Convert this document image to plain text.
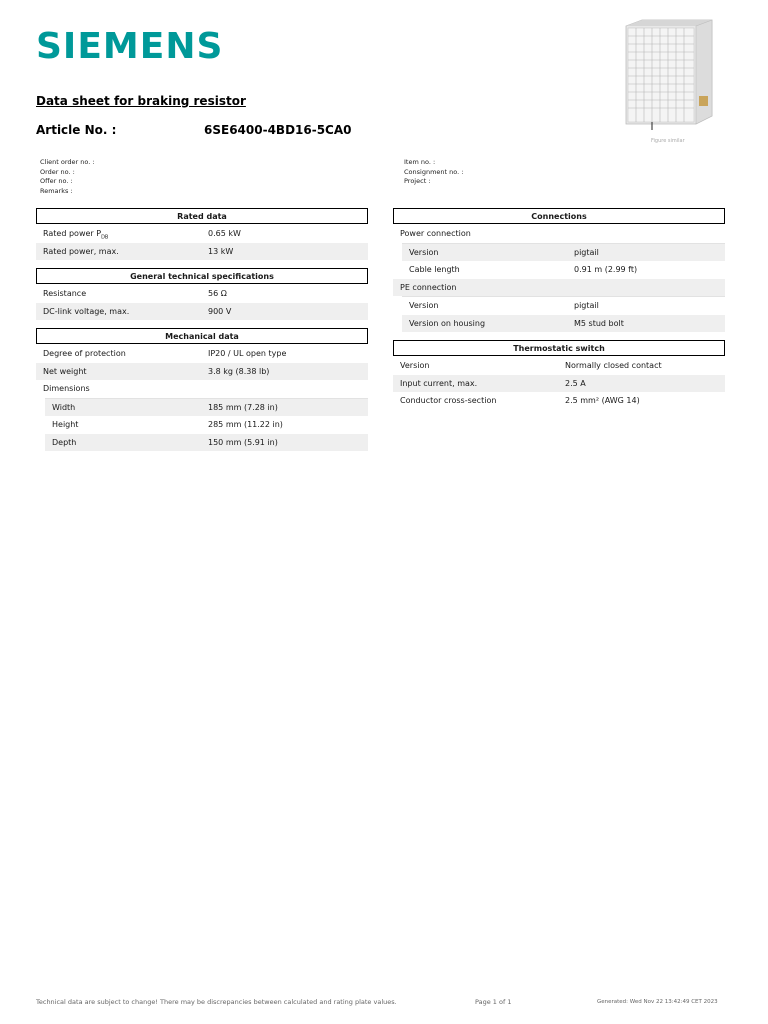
SIEMENS
Figure similar
Data sheet for braking resistor
Article No. :	6SE6400-4BD16-5CA0
Client order no. :
Order no. :
Offer no. :
Remarks :
Item no. :
Consignment no. :
Project :
Rated data
Rated power $P_{DB}$	0.65 kW
Rated power, max.	13 kW
General technical specifications
Resistance	56 Ω
DC-link voltage, max.	900 V
Mechanical data
Degree of protection	IP20 / UL open type
Net weight	3.8 kg (8.38 lb)
Dimensions
Width	185 mm (7.28 in)
Height	285 mm (11.22 in)
Depth	150 mm (5.91 in)
Connections
Power connection
Version	pigtail
Cable length	0.91 m (2.99 ft)
PE connection
Version	pigtail
Version on housing	M5 stud bolt
Thermostatic switch
Version	Normally closed contact
Input current, max.	2.5 A
Conductor cross-section	2.5 mm² (AWG 14)
Technical data are subject to change! There may be discrepancies between calculated and rating plate values.	Page 1 of 1	Generated: Wed Nov 22 13:42:49 CET 2023
